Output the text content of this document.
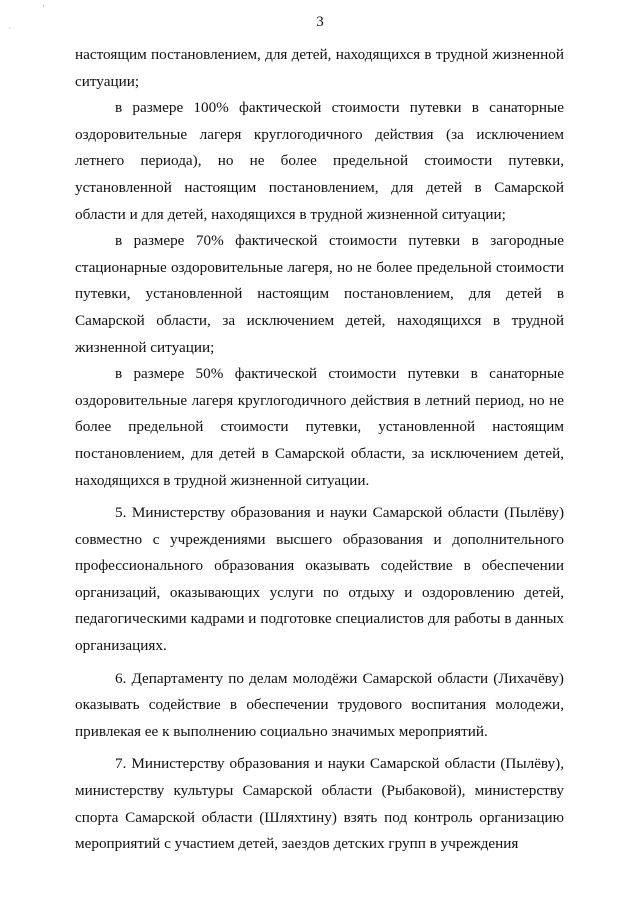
·
·	3

настоящим постановлением, для детей, находящихся в трудной жизненной ситуации;

в размере 100% фактической стоимости путевки в санаторные оздоровительные лагеря круглогодичного действия (за исключением летнего периода), но не более предельной стоимости путевки, установленной настоящим постановлением, для детей в Самарской области и для детей, находящихся в трудной жизненной ситуации;

в размере 70% фактической стоимости путевки в загородные стационарные оздоровительные лагеря, но не более предельной стоимости путевки, установленной настоящим постановлением, для детей в Самарской области, за исключением детей, находящихся в трудной жизненной ситуации;

в размере 50% фактической стоимости путевки в санаторные оздоровительные лагеря круглогодичного действия в летний период, но не более предельной стоимости путевки, установленной настоящим постановлением, для детей в Самарской области, за исключением детей, находящихся в трудной жизненной ситуации.

5. Министерству образования и науки Самарской области (Пылёву) совместно с учреждениями высшего образования и дополнительного профессионального образования оказывать содействие в обеспечении организаций, оказывающих услуги по отдыху и оздоровлению детей, педагогическими кадрами и подготовке специалистов для работы в данных организациях.

6. Департаменту по делам молодёжи Самарской области (Лихачёву) оказывать содействие в обеспечении трудового воспитания молодежи, привлекая ее к выполнению социально значимых мероприятий.

7. Министерству образования и науки Самарской области (Пылёву), министерству культуры Самарской области (Рыбаковой), министерству спорта Самарской области (Шляхтину) взять под контроль организацию мероприятий с участием детей, заездов детских групп в учреждения
